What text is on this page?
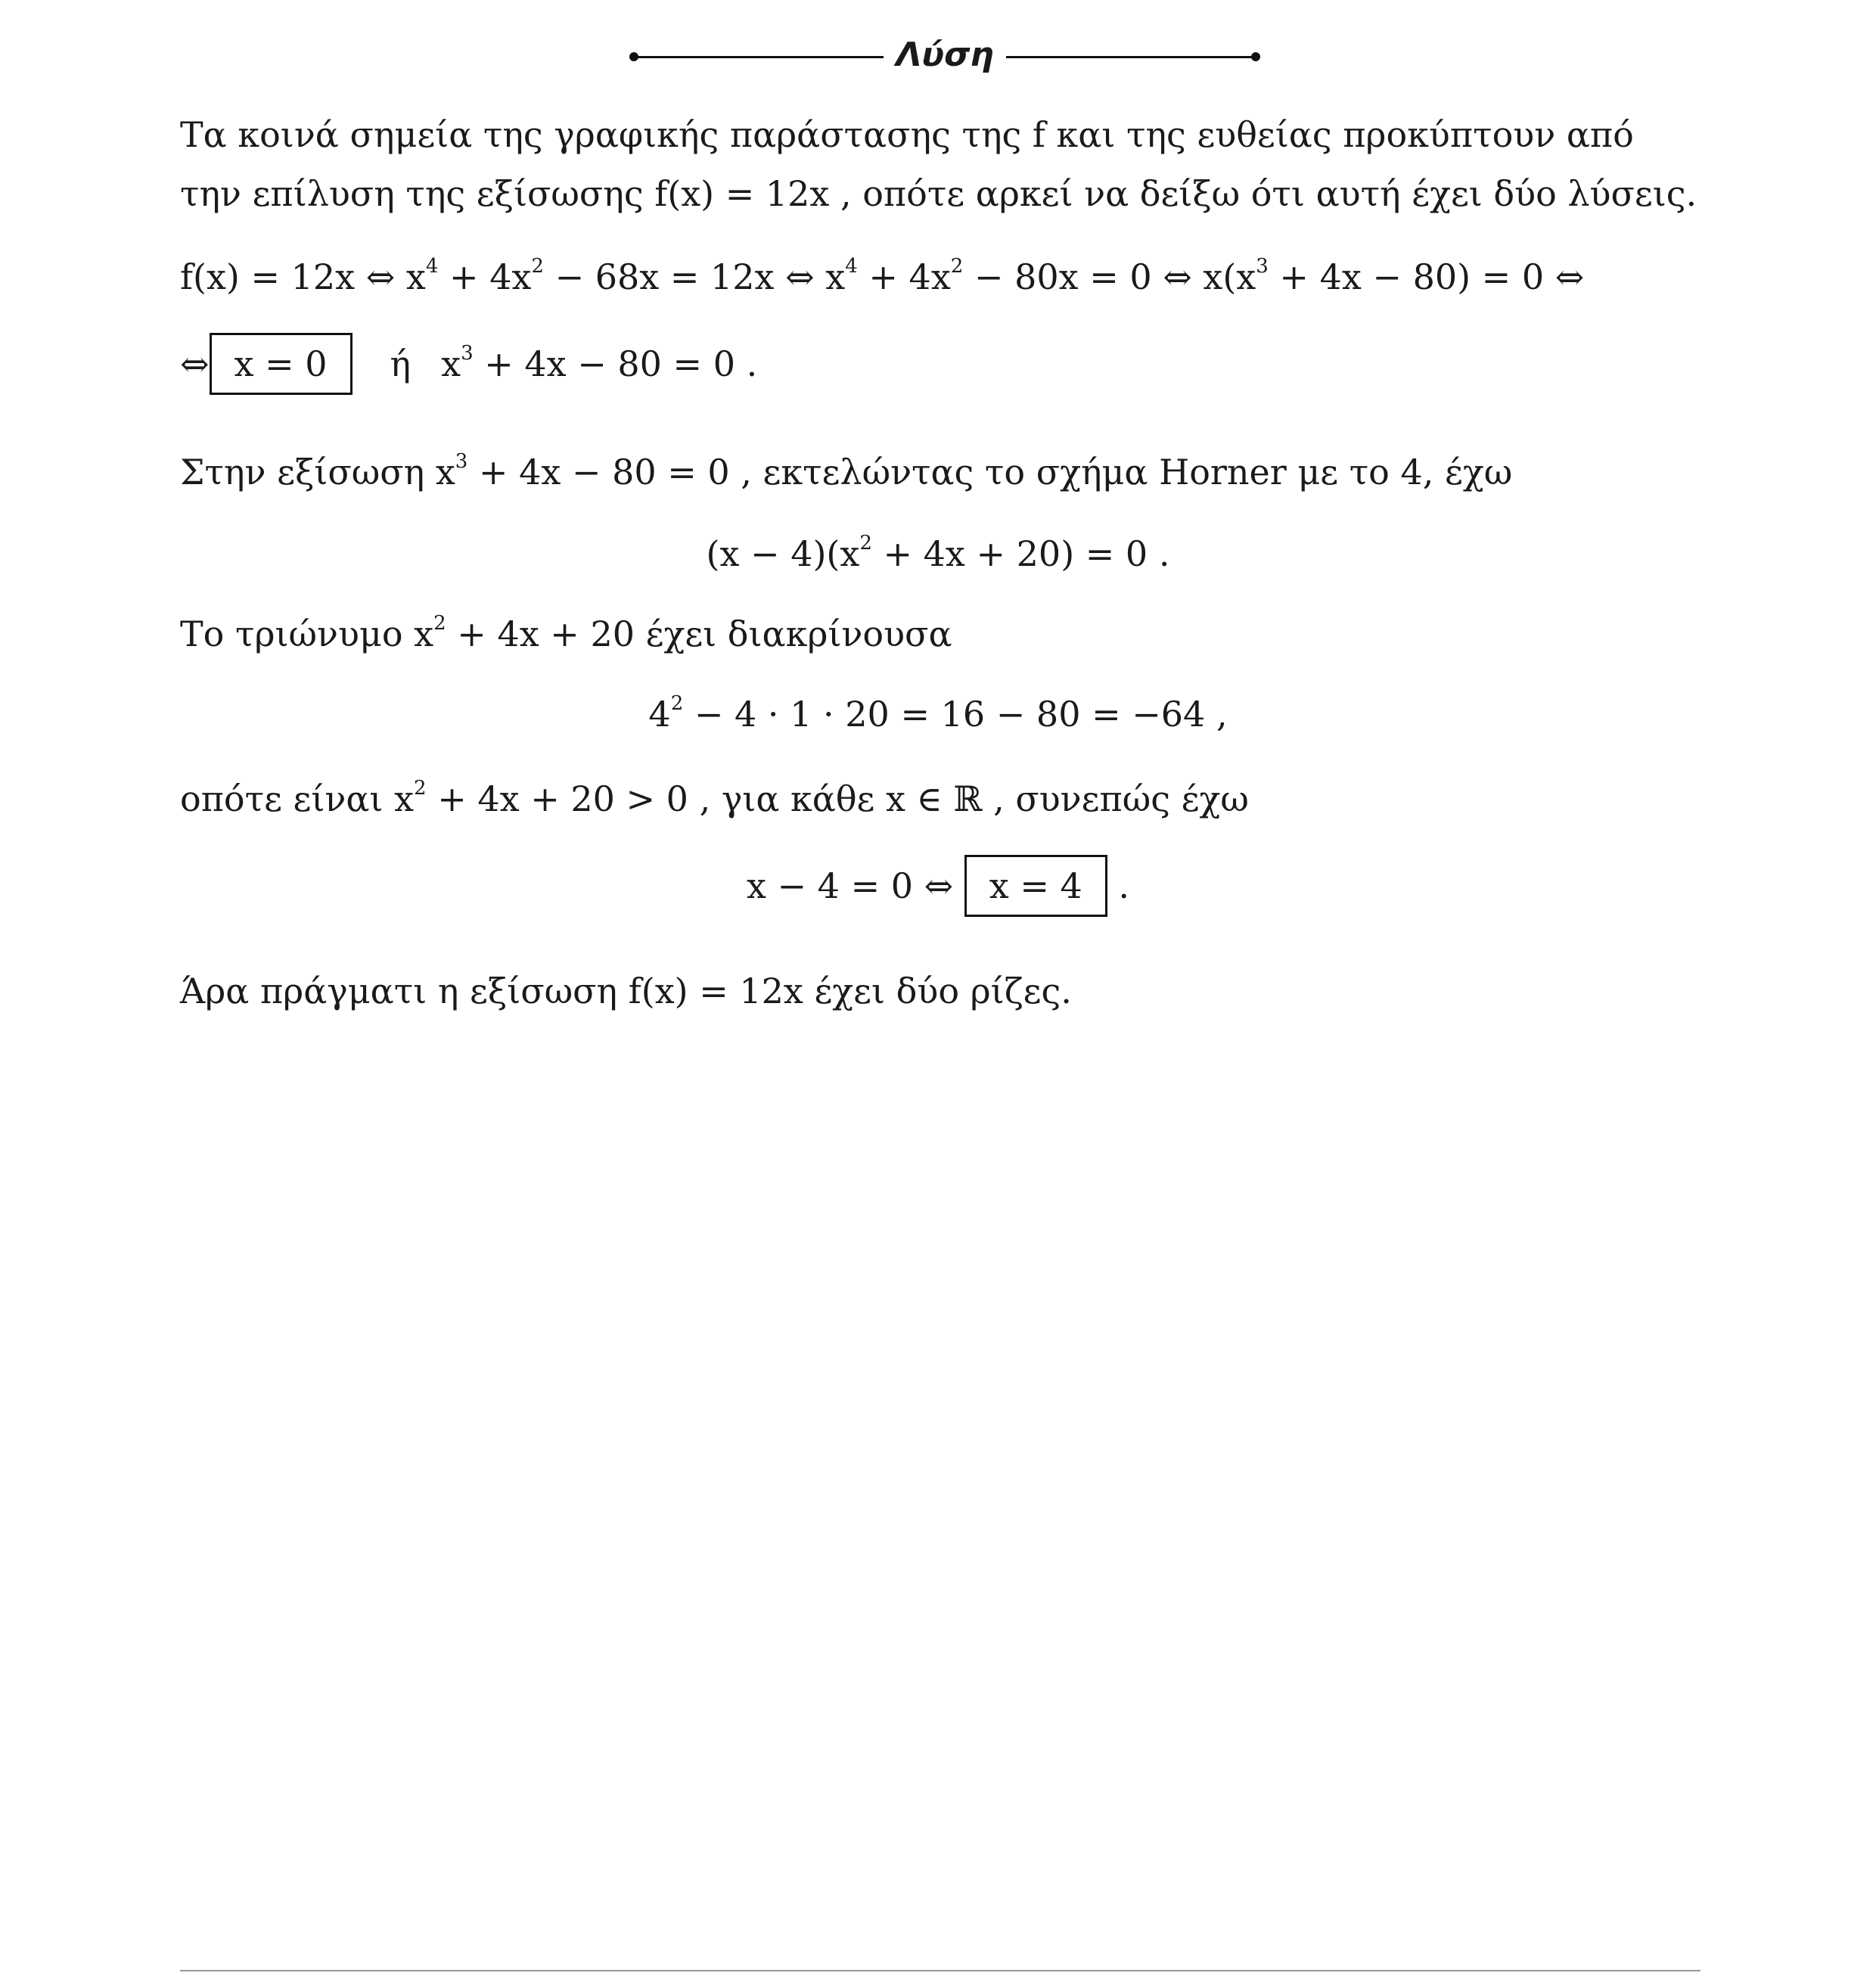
Λύση
Τα κοινά σημεία της γραφικής παράστασης της f και της ευθείας προκύπτουν από
την επίλυση της εξίσωσης f(x) = 12x , οπότε αρκεί να δείξω ότι αυτή έχει δύο λύσεις.
f(x) = 12x ⇔ $x^4 + 4x^2 - 68x = 12x$ ⇔ $x^4 + 4x^2 - 80x = 0$ ⇔ $x(x^3 + 4x - 80) = 0$ ⇔
⇔ x = 0 ή $x^3 + 4x - 80 = 0$ .
Στην εξίσωση $x^3 + 4x - 80 = 0$ , εκτελώντας το σχήμα Horner με το 4, έχω
$(x - 4)(x^2 + 4x + 20) = 0$ .
Το τριώνυμο $x^2 + 4x + 20$ έχει διακρίνουσα
$4^2 - 4 \cdot 1 \cdot 20 = 16 - 80 = -64$ ,
οπότε είναι $x^2 + 4x + 20 > 0$ , για κάθε x ∈ ℝ , συνεπώς έχω
x − 4 = 0 ⇔ x = 4 .
Άρα πράγματι η εξίσωση f(x) = 12x έχει δύο ρίζες.
